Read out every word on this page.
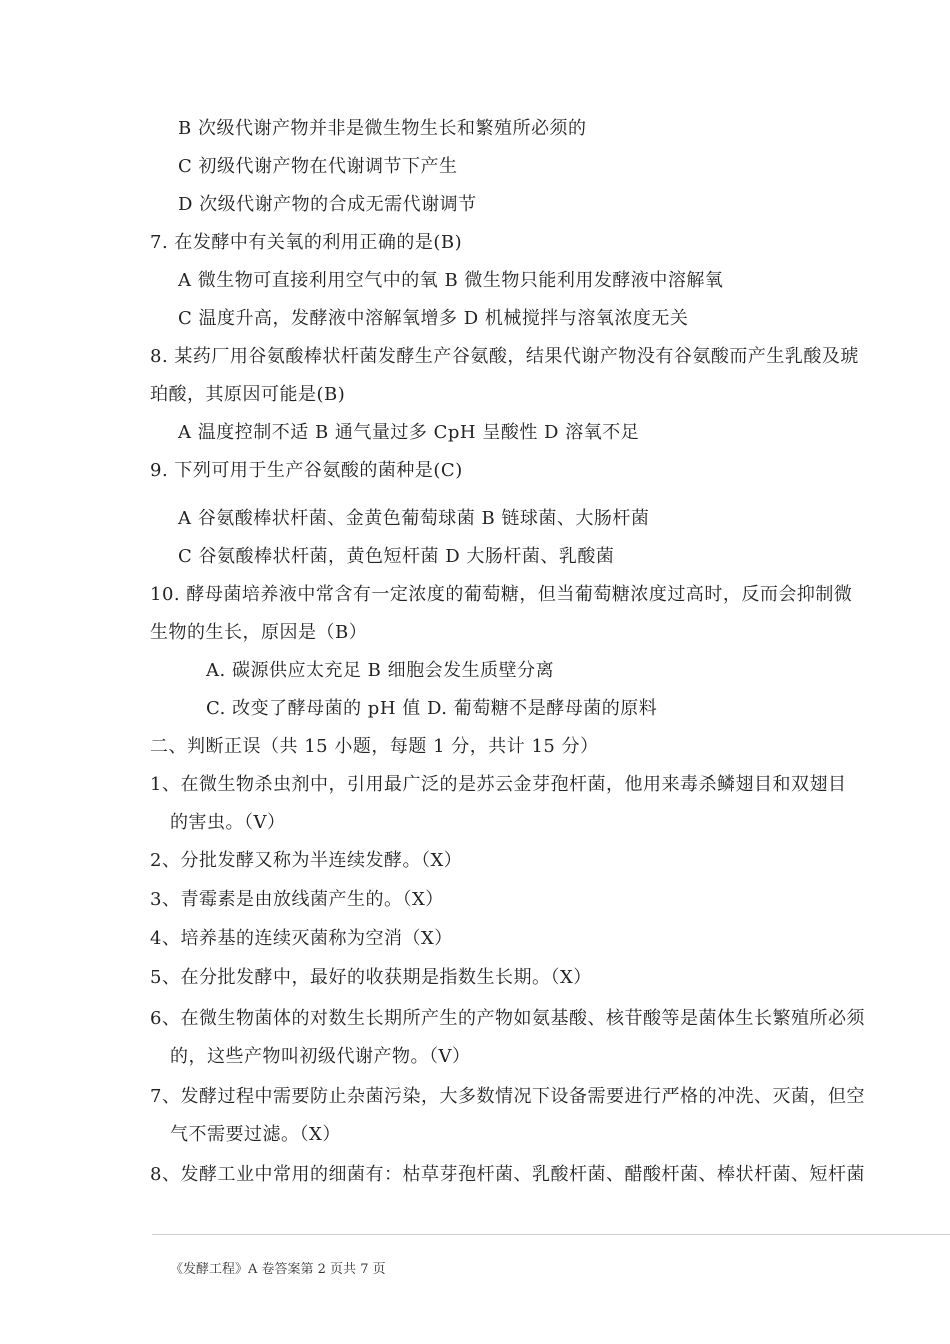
B 次级代谢产物并非是微生物生长和繁殖所必须的
C 初级代谢产物在代谢调节下产生
D 次级代谢产物的合成无需代谢调节
7. 在发酵中有关氧的利用正确的是(B)
A 微生物可直接利用空气中的氧 B 微生物只能利用发酵液中溶解氧
C 温度升高，发酵液中溶解氧增多 D 机械搅拌与溶氧浓度无关
8. 某药厂用谷氨酸棒状杆菌发酵生产谷氨酸，结果代谢产物没有谷氨酸而产生乳酸及琥
珀酸，其原因可能是(B)
A 温度控制不适 B 通气量过多 CpH 呈酸性 D 溶氧不足
9. 下列可用于生产谷氨酸的菌种是(C)
A 谷氨酸棒状杆菌、金黄色葡萄球菌 B 链球菌、大肠杆菌
C 谷氨酸棒状杆菌，黄色短杆菌 D 大肠杆菌、乳酸菌
10. 酵母菌培养液中常含有一定浓度的葡萄糖，但当葡萄糖浓度过高时，反而会抑制微
生物的生长，原因是（B）
A. 碳源供应太充足 B 细胞会发生质壁分离
C. 改变了酵母菌的 pH 值 D. 葡萄糖不是酵母菌的原料
二、判断正误（共 15 小题，每题 1 分，共计 15 分）
1、在微生物杀虫剂中，引用最广泛的是苏云金芽孢杆菌，他用来毒杀鳞翅目和双翅目
的害虫。（V）
2、分批发酵又称为半连续发酵。（X）
3、青霉素是由放线菌产生的。（X）
4、培养基的连续灭菌称为空消（X）
5、在分批发酵中，最好的收获期是指数生长期。（X）
6、在微生物菌体的对数生长期所产生的产物如氨基酸、核苷酸等是菌体生长繁殖所必须
的，这些产物叫初级代谢产物。（V）
7、发酵过程中需要防止杂菌污染，大多数情况下设备需要进行严格的冲洗、灭菌，但空
气不需要过滤。（X）
8、发酵工业中常用的细菌有：枯草芽孢杆菌、乳酸杆菌、醋酸杆菌、棒状杆菌、短杆菌
《发酵工程》A 卷答案第 2 页共 7 页
